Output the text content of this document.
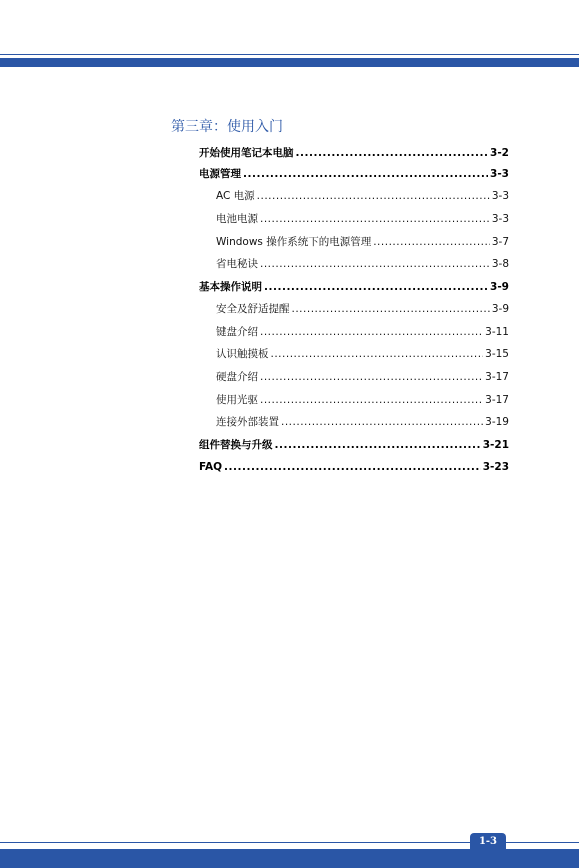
第三章：使用入门
开始使用笔记本电脑 .....	3-2
电源管理 .....	3-3
AC 电源 .....	3-3
电池电源 .....	3-3
Windows 操作系统下的电源管理 .....	3-7
省电秘诀 .....	3-8
基本操作说明 .....	3-9
安全及舒适提醒 .....	3-9
键盘介绍 .....	3-11
认识触摸板 .....	3-15
硬盘介绍 .....	3-17
使用光驱 .....	3-17
连接外部装置 .....	3-19
组件替换与升级 .....	3-21
FAQ .....	3-23
1-3
